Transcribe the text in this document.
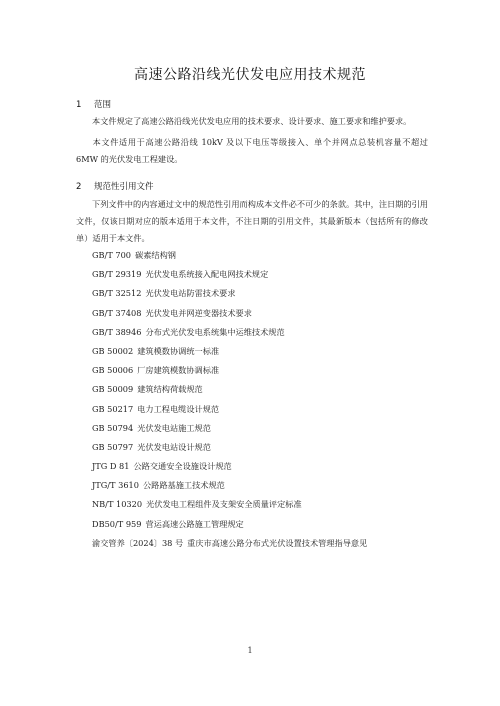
高速公路沿线光伏发电应用技术规范
1 范围
本文件规定了高速公路沿线光伏发电应用的技术要求、设计要求、施工要求和维护要求。
本文件适用于高速公路沿线 10kV 及以下电压等级接入、单个并网点总装机容量不超过 6MW 的光伏发电工程建设。
2 规范性引用文件
下列文件中的内容通过文中的规范性引用而构成本文件必不可少的条款。其中，注日期的引用文件，仅该日期对应的版本适用于本文件，不注日期的引用文件，其最新版本（包括所有的修改单）适用于本文件。
GB/T 700 碳素结构钢
GB/T 29319 光伏发电系统接入配电网技术规定
GB/T 32512 光伏发电站防雷技术要求
GB/T 37408 光伏发电并网逆变器技术要求
GB/T 38946 分布式光伏发电系统集中运维技术规范
GB 50002 建筑模数协调统一标准
GB 50006 厂房建筑模数协调标准
GB 50009 建筑结构荷载规范
GB 50217 电力工程电缆设计规范
GB 50794 光伏发电站施工规范
GB 50797 光伏发电站设计规范
JTG D 81 公路交通安全设施设计规范
JTG/T 3610 公路路基施工技术规范
NB/T 10320 光伏发电工程组件及支架安全质量评定标准
DB50/T 959 营运高速公路施工管理规定
渝交管养〔2024〕38 号 重庆市高速公路分布式光伏设置技术管理指导意见
1
